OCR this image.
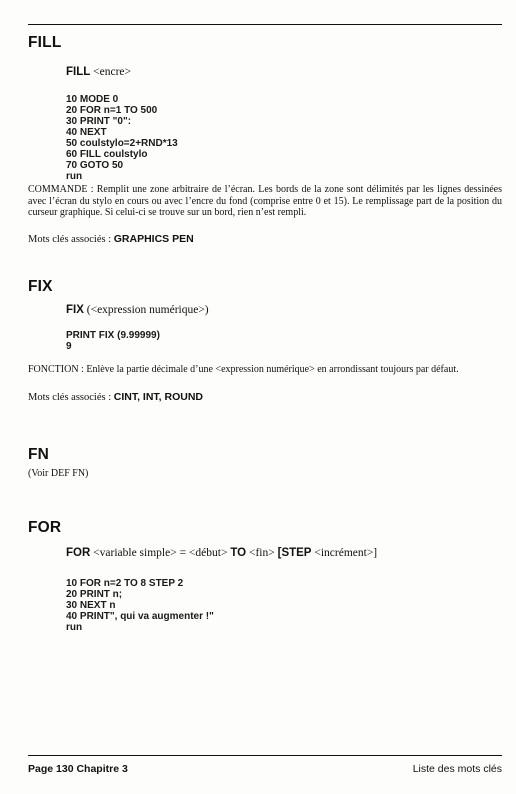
FILL

FILL <encre>

10 MODE 0
20 FOR n=1 TO 500
30 PRINT "0":
40 NEXT
50 coulstylo=2+RND*13
60 FILL coulstylo
70 GOTO 50
run

COMMANDE : Remplit une zone arbitraire de l’écran. Les bords de la zone sont délimités par les lignes dessinées avec l’écran du stylo en cours ou avec l’encre du fond (comprise entre 0 et 15). Le remplissage part de la position du curseur graphique. Si celui-ci se trouve sur un bord, rien n’est rempli.

Mots clés associés : GRAPHICS PEN

FIX

FIX (<expression numérique>)

PRINT FIX (9.99999)
9

FONCTION : Enlève la partie décimale d’une <expression numérique> en arrondissant toujours par défaut.

Mots clés associés : CINT, INT, ROUND

FN

(Voir DEF FN)

FOR

FOR <variable simple> = <début> TO <fin> [STEP <incrément>]

10 FOR n=2 TO 8 STEP 2
20 PRINT n;
30 NEXT n
40 PRINT", qui va augmenter !"
run

Page 130 Chapitre 3	Liste des mots clés
